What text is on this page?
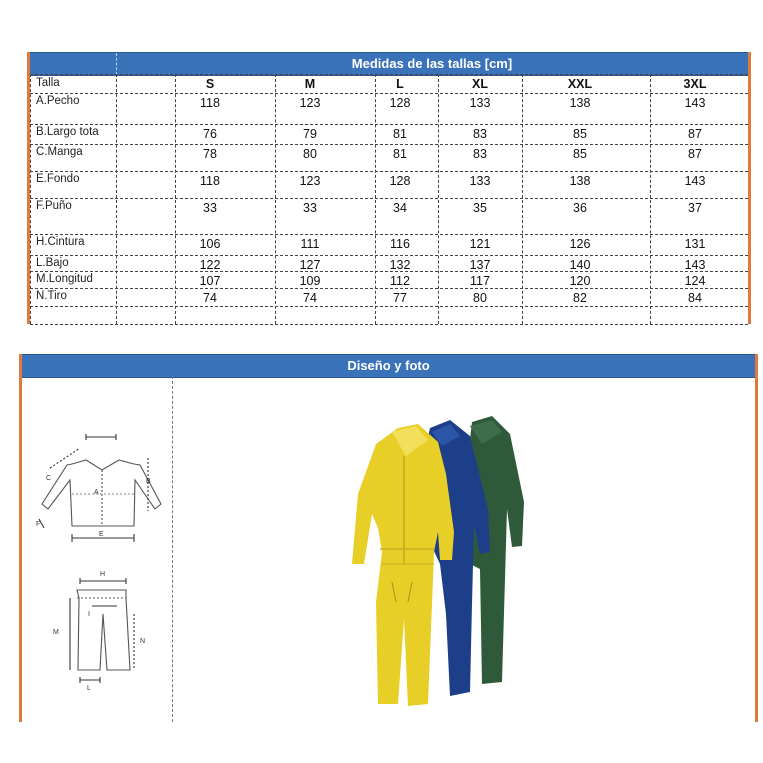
Medidas de las tallas [cm]
Talla	S	M	L	XL	XXL	3XL
A.Pecho	118	123	128	133	138	143
B.Largo tota	76	79	81	83	85	87
C.Manga	78	80	81	83	85	87
E.Fondo	118	123	128	133	138	143
F.Puño	33	33	34	35	36	37
H.Cintura	106	111	116	121	126	131
L.Bajo	122	127	132	137	140	143
M.Longitud	107	109	112	117	120	124
N.Tiro	74	74	77	80	82	84
Diseño y foto
A
B
C
E
F
H
I
M
N
L
